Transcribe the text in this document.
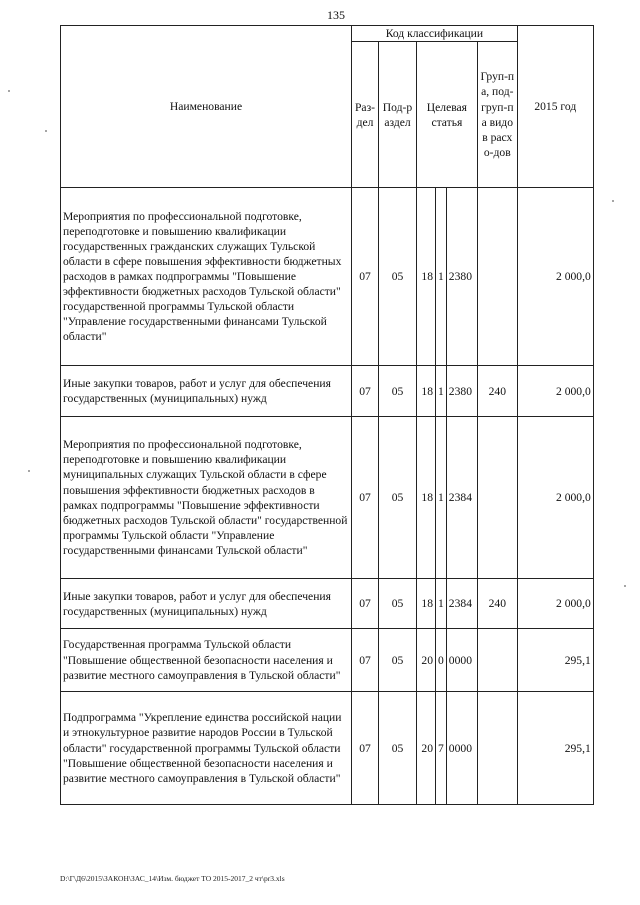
135
Наименование	Код классификации						2015 год
	Раз-дел	Под-раздел	Целевая статья			Груп-па, под-груп-па видов расхо-дов	
Мероприятия по профессиональной подготовке, переподготовке и повышению квалификации государственных гражданских служащих Тульской области в сфере повышения эффективности бюджетных расходов в рамках подпрограммы "Повышение эффективности бюджетных расходов Тульской области" государственной программы Тульской области "Управление государственными финансами Тульской области"	07	05	18	1	2380		2 000,0
Иные закупки товаров, работ и услуг для обеспечения государственных (муниципальных) нужд	07	05	18	1	2380	240	2 000,0
Мероприятия по профессиональной подготовке, переподготовке и повышению квалификации муниципальных служащих Тульской области в сфере повышения эффективности бюджетных расходов в рамках подпрограммы "Повышение эффективности бюджетных расходов Тульской области" государственной программы Тульской области "Управление государственными финансами Тульской области"	07	05	18	1	2384		2 000,0
Иные закупки товаров, работ и услуг для обеспечения государственных (муниципальных) нужд	07	05	18	1	2384	240	2 000,0
Государственная программа Тульской области "Повышение общественной безопасности населения и развитие местного самоуправления в Тульской области"	07	05	20	0	0000		295,1
Подпрограмма "Укрепление единства российской нации и этнокультурное развитие народов России в Тульской области" государственной программы Тульской области "Повышение общественной безопасности населения и развитие местного самоуправления в Тульской области"	07	05	20	7	0000		295,1
D:\Г\Д6\2015\ЗАКОН\ЗАС_14\Изм. бюджет ТО 2015-2017_2 чт\pr3.xls
